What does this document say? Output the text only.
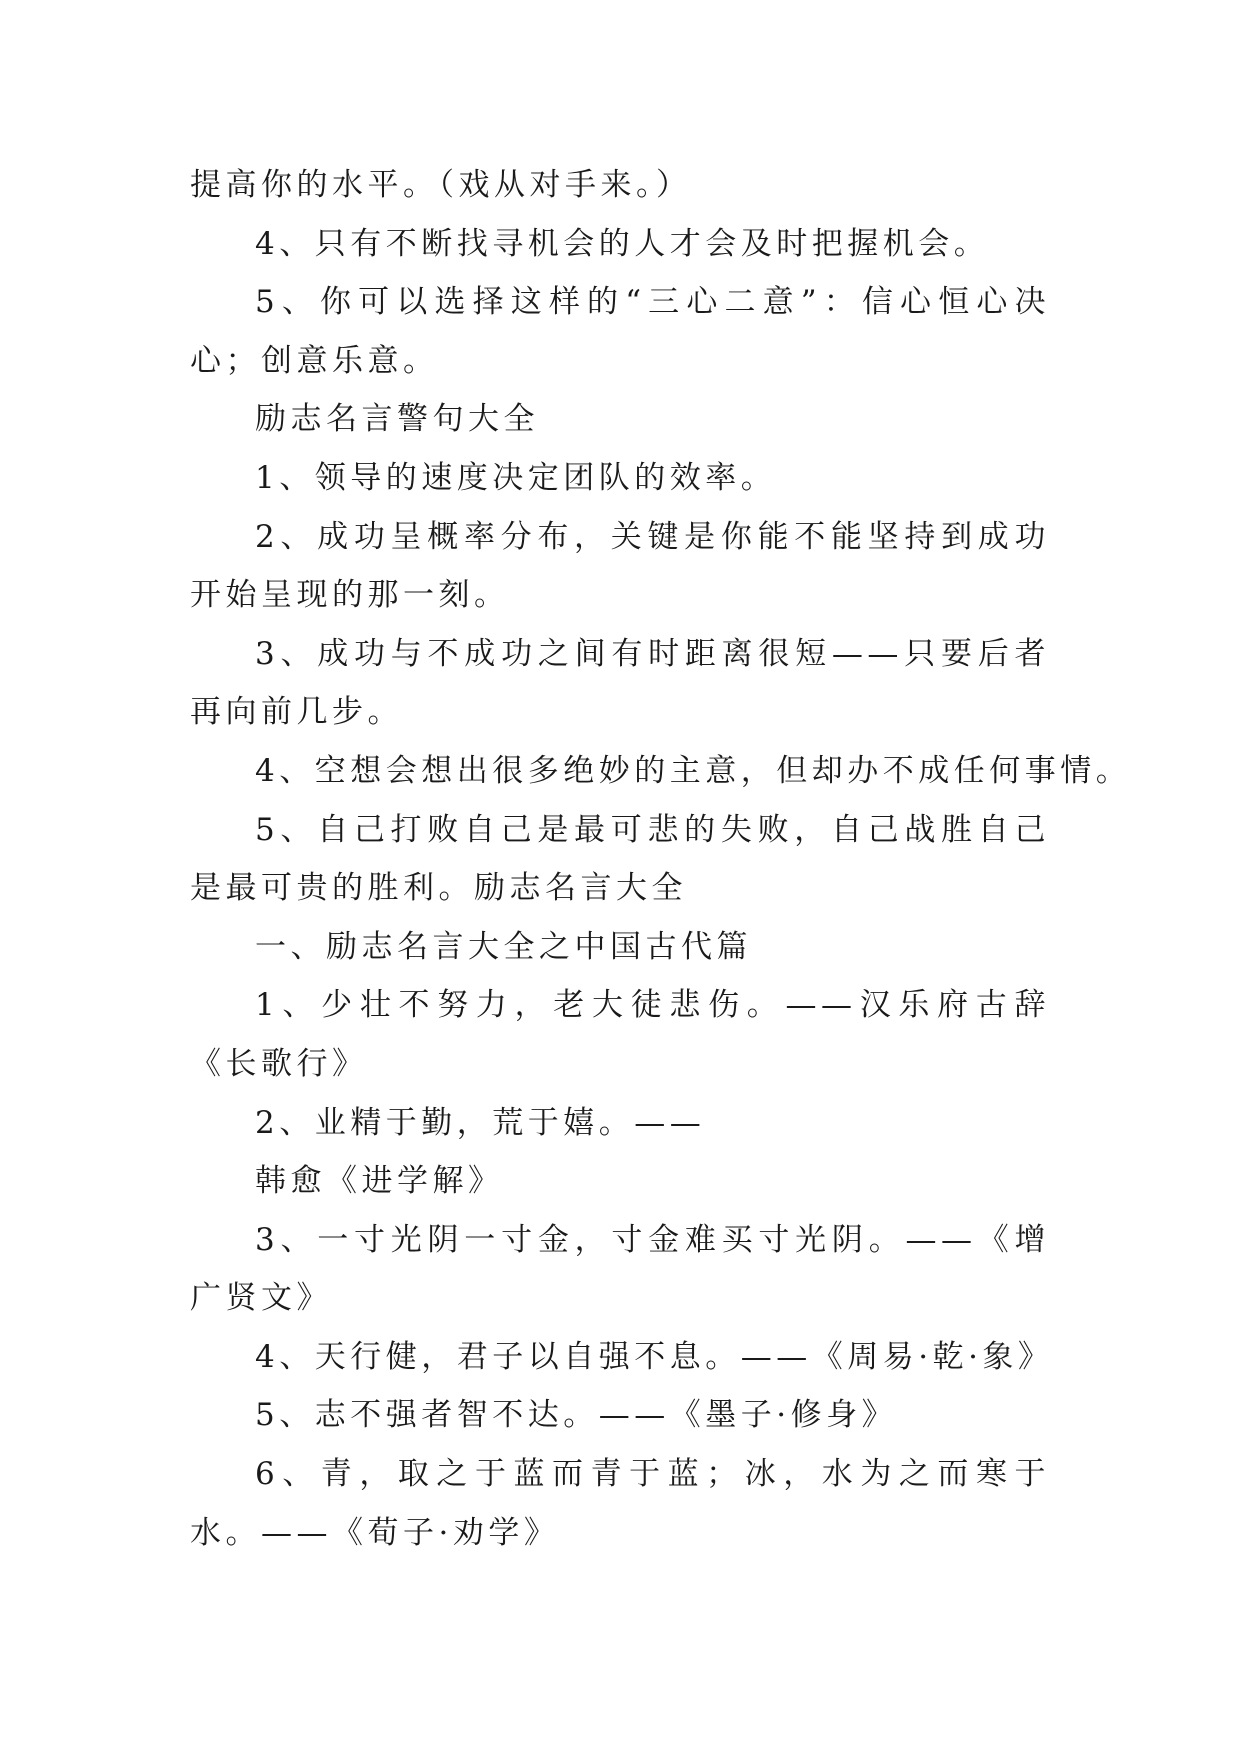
提高你的水平。（戏从对手来。）

4、只有不断找寻机会的人才会及时把握机会。

5、你可以选择这样的“三心二意”：信心恒心决心；创意乐意。

励志名言警句大全

1、领导的速度决定团队的效率。

2、成功呈概率分布，关键是你能不能坚持到成功开始呈现的那一刻。

3、成功与不成功之间有时距离很短——只要后者再向前几步。

4、空想会想出很多绝妙的主意，但却办不成任何事情。

5、自己打败自己是最可悲的失败，自己战胜自己是最可贵的胜利。励志名言大全

一、励志名言大全之中国古代篇

1、少壮不努力，老大徒悲伤。——汉乐府古辞《长歌行》

2、业精于勤，荒于嬉。——

韩愈《进学解》

3、一寸光阴一寸金，寸金难买寸光阴。——《增广贤文》

4、天行健，君子以自强不息。——《周易·乾·象》

5、志不强者智不达。——《墨子·修身》

6、青，取之于蓝而青于蓝；冰，水为之而寒于水。——《荀子·劝学》
